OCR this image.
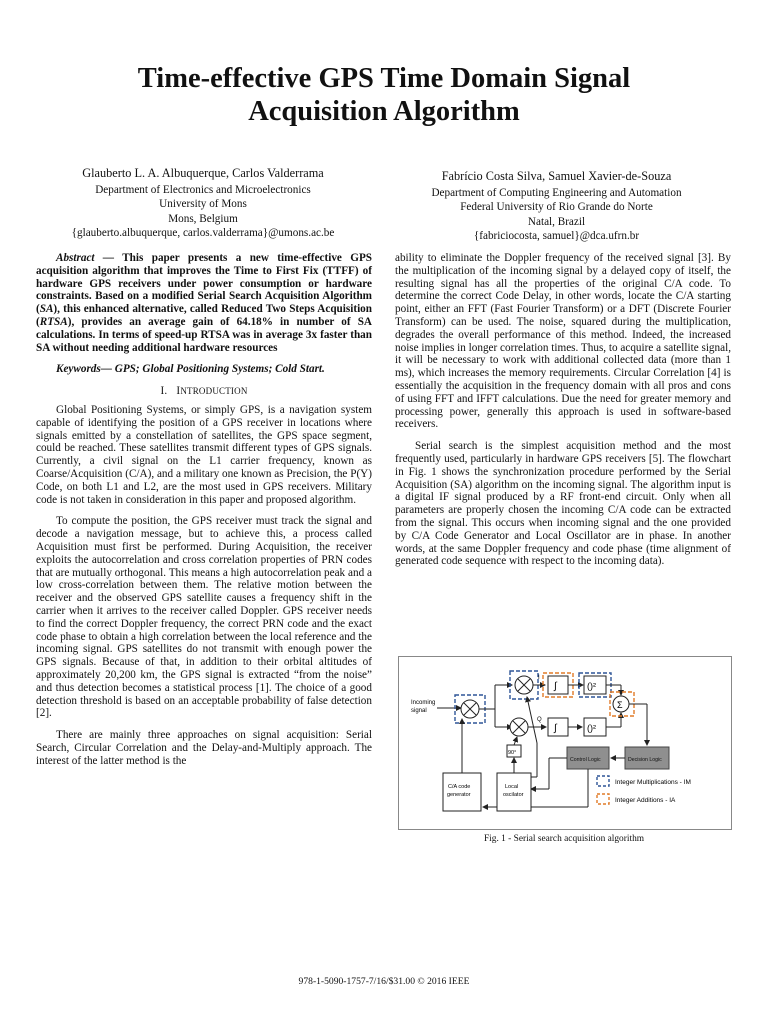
Time-effective GPS Time Domain Signal
Acquisition Algorithm
Glauberto L. A. Albuquerque, Carlos Valderrama
Department of Electronics and Microelectronics
University of Mons
Mons, Belgium
{glauberto.albuquerque, carlos.valderrama}@umons.ac.be
Fabrício Costa Silva, Samuel Xavier-de-Souza
Department of Computing Engineering and Automation
Federal University of Rio Grande do Norte
Natal, Brazil
{fabriciocosta, samuel}@dca.ufrn.br

Abstract — This paper presents a new time-effective GPS acquisition algorithm that improves the Time to First Fix (TTFF) of hardware GPS receivers under power consumption or hardware constraints. Based on a modified Serial Search Acquisition Algorithm (SA), this enhanced alternative, called Reduced Two Steps Acquisition (RTSA), provides an average gain of 64.18% in number of SA calculations. In terms of speed-up RTSA was in average 3x faster than SA without needing additional hardware resources

Keywords— GPS; Global Positioning Systems; Cold Start.

I. INTRODUCTION

Global Positioning Systems, or simply GPS, is a navigation system capable of identifying the position of a GPS receiver in locations where signals emitted by a constellation of satellites, the GPS space segment, could be reached. These satellites transmit different types of GPS signals. Currently, a civil signal on the L1 carrier frequency, known as Coarse/Acquisition (C/A), and a military one known as Precision, the P(Y) Code, on both L1 and L2, are the most used in GPS receivers. Military code is not taken in consideration in this paper and proposed algorithm.

To compute the position, the GPS receiver must track the signal and decode a navigation message, but to achieve this, a process called Acquisition must first be performed. During Acquisition, the receiver exploits the autocorrelation and cross correlation properties of PRN codes that are mutually orthogonal. This means a high autocorrelation peak and a low cross-correlation between them. The relative motion between the receiver and the observed GPS satellite causes a frequency shift in the carrier when it arrives to the receiver called Doppler. GPS receiver needs to find the correct Doppler frequency, the correct PRN code and the exact code phase to obtain a high correlation between the local reference and the incoming signal. GPS satellites do not transmit with enough power the GPS signals. Because of that, in addition to their orbital altitudes of approximately 20,200 km, the GPS signal is extracted “from the noise” and thus detection becomes a statistical process [1]. The choice of a good detection threshold is based on an acceptable probability of false detection [2].

There are mainly three approaches on signal acquisition: Serial Search, Circular Correlation and the Delay-and-Multiply approach. The interest of the latter method is the

ability to eliminate the Doppler frequency of the received signal [3]. By the multiplication of the incoming signal by a delayed copy of itself, the resulting signal has all the properties of the original C/A code. To determine the correct Code Delay, in other words, locate the C/A starting point, either an FFT (Fast Fourier Transform) or a DFT (Discrete Fourier Transform) can be used. The noise, squared during the multiplication, degrades the overall performance of this method. Indeed, the increased noise implies in longer correlation times. Thus, to acquire a satellite signal, it will be necessary to work with additional collected data (more than 1 ms), which increases the memory requirements. Circular Correlation [4] is essentially the acquisition in the frequency domain with all pros and cons of using FFT and IFFT calculations. Due the need for greater memory and processing power, generally this approach is used in software-based receivers.

Serial search is the simplest acquisition method and the most frequently used, particularly in hardware GPS receivers [5]. The flowchart in Fig. 1 shows the synchronization procedure performed by the Serial Acquisition (SA) algorithm on the incoming signal. The algorithm input is a digital IF signal produced by a RF front-end circuit. Only when all parameters are properly chosen the incoming C/A code can be extracted from the signal. This occurs when incoming signal and the one provided by C/A Code Generator and Local Oscillator are in phase. In another words, at the same Doppler frequency and code phase (time alignment of generated code sequence with respect to the incoming data).

Incoming
signal
I
∫	()²
Q
∫	()²
Σ
Control Logic	Decision Logic
Local
oscilator
90°
C/A code
generator
Integer Multiplications - IM
Integer Additions - IA
Fig. 1 - Serial search acquisition algorithm
978-1-5090-1757-7/16/$31.00 © 2016 IEEE
